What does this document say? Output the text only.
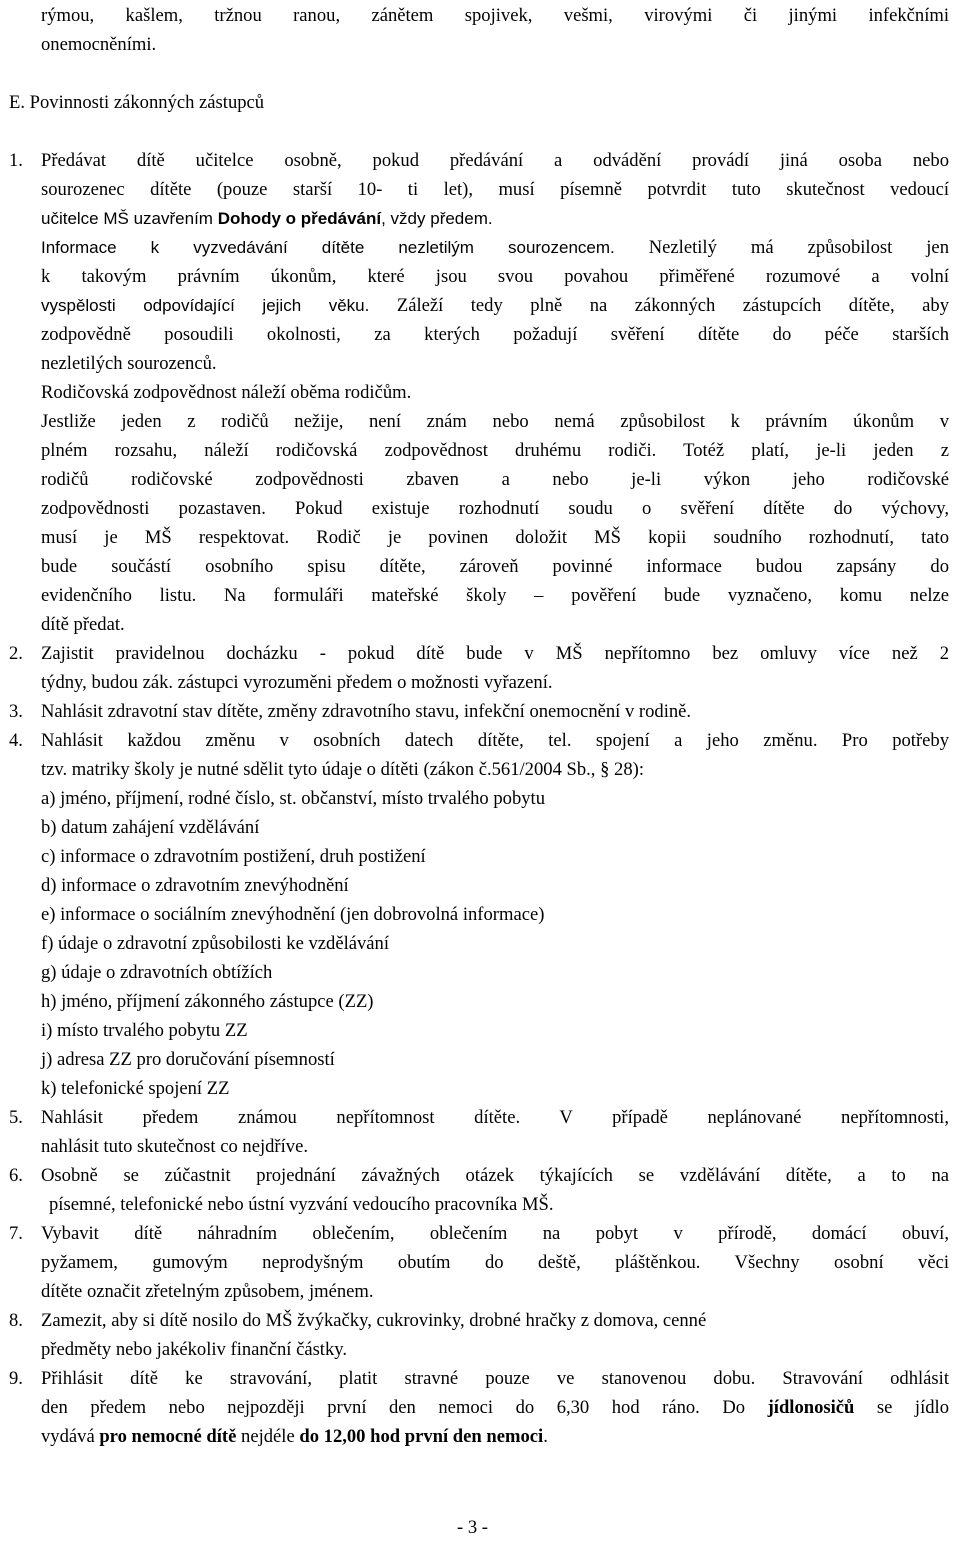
rýmou, kašlem, tržnou ranou, zánětem spojivek, vešmi, virovými či jinými infekčními
onemocněními.
E. Povinnosti zákonných zástupců
1. Předávat dítě učitelce osobně, pokud předávání a odvádění provádí jiná osoba nebo
sourozenec dítěte (pouze starší 10- ti let), musí písemně potvrdit tuto skutečnost vedoucí
učitelce MŠ uzavřením Dohody o předávání, vždy předem.
Informace k vyzvedávání dítěte nezletilým sourozencem. Nezletilý má způsobilost jen
k takovým právním úkonům, které jsou svou povahou přiměřené rozumové a volní
vyspělosti odpovídající jejich věku. Záleží tedy plně na zákonných zástupcích dítěte, aby
zodpovědně posoudili okolnosti, za kterých požadují svěření dítěte do péče starších
nezletilých sourozenců.
Rodičovská zodpovědnost náleží oběma rodičům.
Jestliže jeden z rodičů nežije, není znám nebo nemá způsobilost k právním úkonům v
plném rozsahu, náleží rodičovská zodpovědnost druhému rodiči. Totéž platí, je-li jeden z
rodičů rodičovské zodpovědnosti zbaven a nebo je-li výkon jeho rodičovské
zodpovědnosti pozastaven. Pokud existuje rozhodnutí soudu o svěření dítěte do výchovy,
musí je MŠ respektovat. Rodič je povinen doložit MŠ kopii soudního rozhodnutí, tato
bude součástí osobního spisu dítěte, zároveň povinné informace budou zapsány do
evidenčního listu. Na formuláři mateřské školy – pověření bude vyznačeno, komu nelze
dítě předat.
2. Zajistit pravidelnou docházku - pokud dítě bude v MŠ nepřítomno bez omluvy více než 2
týdny, budou zák. zástupci vyrozuměni předem o možnosti vyřazení.
3. Nahlásit zdravotní stav dítěte, změny zdravotního stavu, infekční onemocnění v rodině.
4. Nahlásit každou změnu v osobních datech dítěte, tel. spojení a jeho změnu. Pro potřeby
tzv. matriky školy je nutné sdělit tyto údaje o dítěti (zákon č.561/2004 Sb., § 28):
a) jméno, příjmení, rodné číslo, st. občanství, místo trvalého pobytu
b) datum zahájení vzdělávání
c) informace o zdravotním postižení, druh postižení
d) informace o zdravotním znevýhodnění
e) informace o sociálním znevýhodnění (jen dobrovolná informace)
f) údaje o zdravotní způsobilosti ke vzdělávání
g) údaje o zdravotních obtížích
h) jméno, příjmení zákonného zástupce (ZZ)
i) místo trvalého pobytu ZZ
j) adresa ZZ pro doručování písemností
k) telefonické spojení ZZ
5. Nahlásit předem známou nepřítomnost dítěte. V případě neplánované nepřítomnosti,
nahlásit tuto skutečnost co nejdříve.
6. Osobně se zúčastnit projednání závažných otázek týkajících se vzdělávání dítěte, a to na
písemné, telefonické nebo ústní vyzvání vedoucího pracovníka MŠ.
7. Vybavit dítě náhradním oblečením, oblečením na pobyt v přírodě, domácí obuví,
pyžamem, gumovým neprodyšným obutím do deště, pláštěnkou. Všechny osobní věci
dítěte označit zřetelným způsobem, jménem.
8. Zamezit, aby si dítě nosilo do MŠ žvýkačky, cukrovinky, drobné hračky z domova, cenné
předměty nebo jakékoliv finanční částky.
9. Přihlásit dítě ke stravování, platit stravné pouze ve stanovenou dobu. Stravování odhlásit
den předem nebo nejpozději první den nemoci do 6,30 hod ráno. Do jídlonosičů se jídlo
vydává pro nemocné dítě nejdéle do 12,00 hod první den nemoci.
- 3 -
